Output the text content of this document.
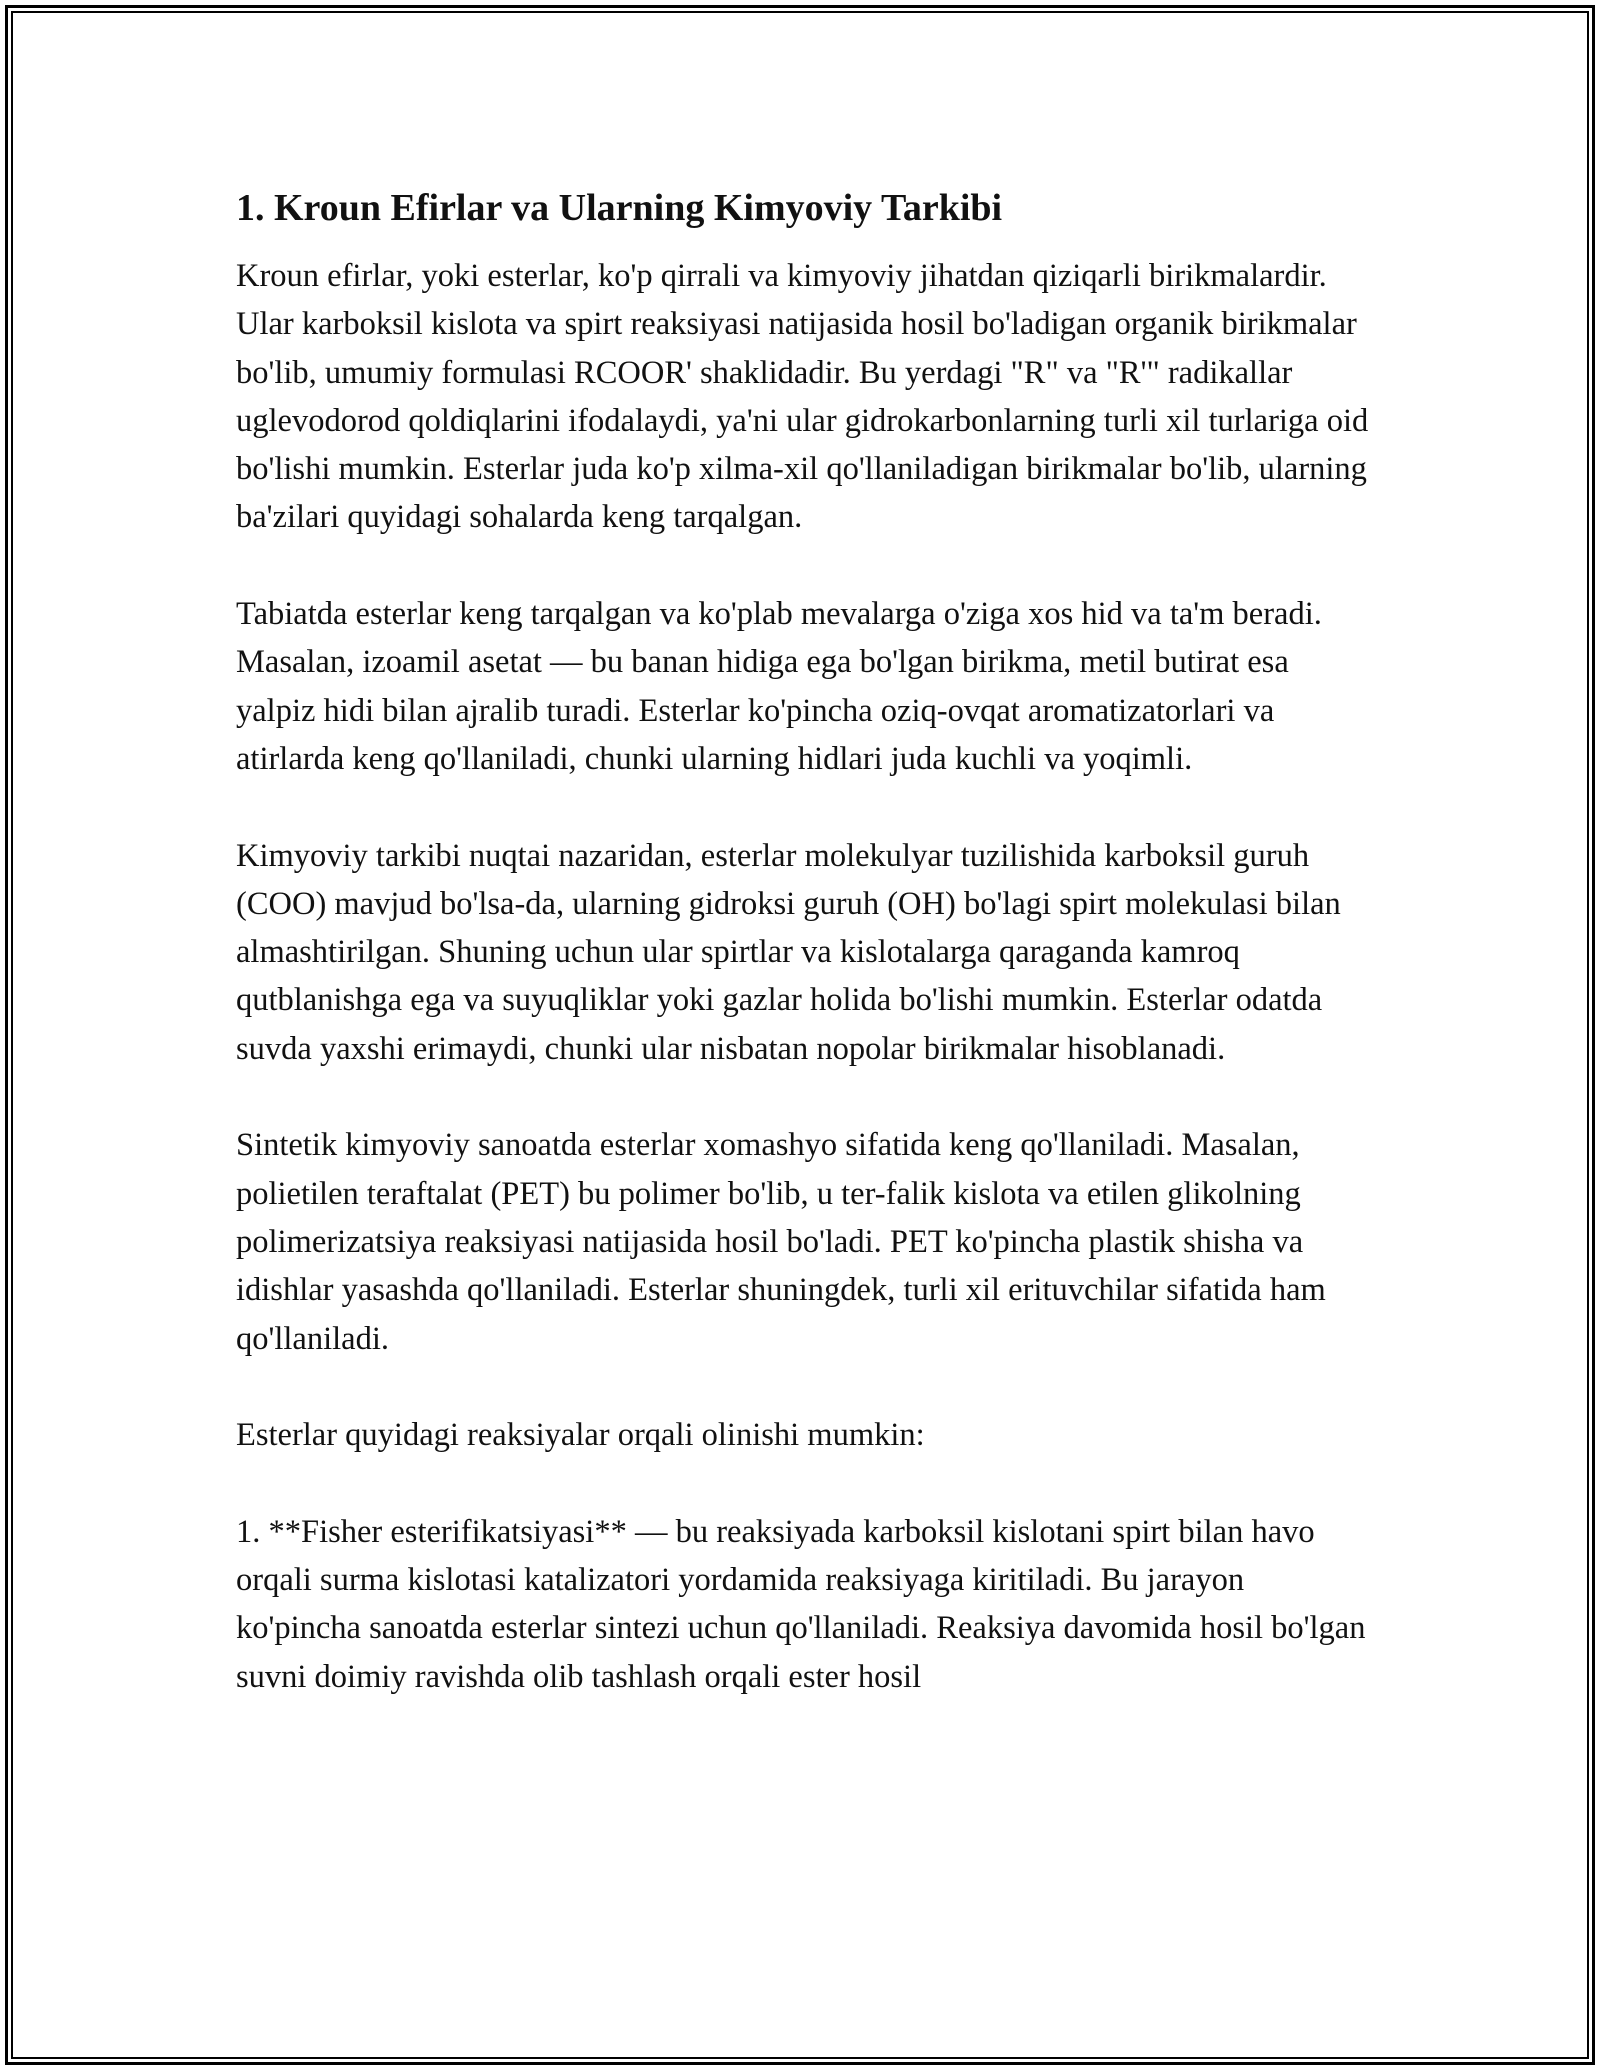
1. Kroun Efirlar va Ularning Kimyoviy Tarkibi

Kroun efirlar, yoki esterlar, ko'p qirrali va kimyoviy jihatdan qiziqarli birikmalardir. Ular karboksil kislota va spirt reaksiyasi natijasida hosil bo'ladigan organik birikmalar bo'lib, umumiy formulasi RCOOR' shaklidadir. Bu yerdagi "R" va "R'" radikallar uglevodorod qoldiqlarini ifodalaydi, ya'ni ular gidrokarbonlarning turli xil turlariga oid bo'lishi mumkin. Esterlar juda ko'p xilma-xil qo'llaniladigan birikmalar bo'lib, ularning ba'zilari quyidagi sohalarda keng tarqalgan.

Tabiatda esterlar keng tarqalgan va ko'plab mevalarga o'ziga xos hid va ta'm beradi. Masalan, izoamil asetat — bu banan hidiga ega bo'lgan birikma, metil butirat esa yalpiz hidi bilan ajralib turadi. Esterlar ko'pincha oziq-ovqat aromatizatorlari va atirlarda keng qo'llaniladi, chunki ularning hidlari juda kuchli va yoqimli.

Kimyoviy tarkibi nuqtai nazaridan, esterlar molekulyar tuzilishida karboksil guruh (COO) mavjud bo'lsa-da, ularning gidroksi guruh (OH) bo'lagi spirt molekulasi bilan almashtirilgan. Shuning uchun ular spirtlar va kislotalarga qaraganda kamroq qutblanishga ega va suyuqliklar yoki gazlar holida bo'lishi mumkin. Esterlar odatda suvda yaxshi erimaydi, chunki ular nisbatan nopolar birikmalar hisoblanadi.

Sintetik kimyoviy sanoatda esterlar xomashyo sifatida keng qo'llaniladi. Masalan, polietilen teraftalat (PET) bu polimer bo'lib, u ter-falik kislota va etilen glikolning polimerizatsiya reaksiyasi natijasida hosil bo'ladi. PET ko'pincha plastik shisha va idishlar yasashda qo'llaniladi. Esterlar shuningdek, turli xil erituvchilar sifatida ham qo'llaniladi.

Esterlar quyidagi reaksiyalar orqali olinishi mumkin:

1. **Fisher esterifikatsiyasi** — bu reaksiyada karboksil kislotani spirt bilan havo orqali surma kislotasi katalizatori yordamida reaksiyaga kiritiladi. Bu jarayon ko'pincha sanoatda esterlar sintezi uchun qo'llaniladi. Reaksiya davomida hosil bo'lgan suvni doimiy ravishda olib tashlash orqali ester hosil
